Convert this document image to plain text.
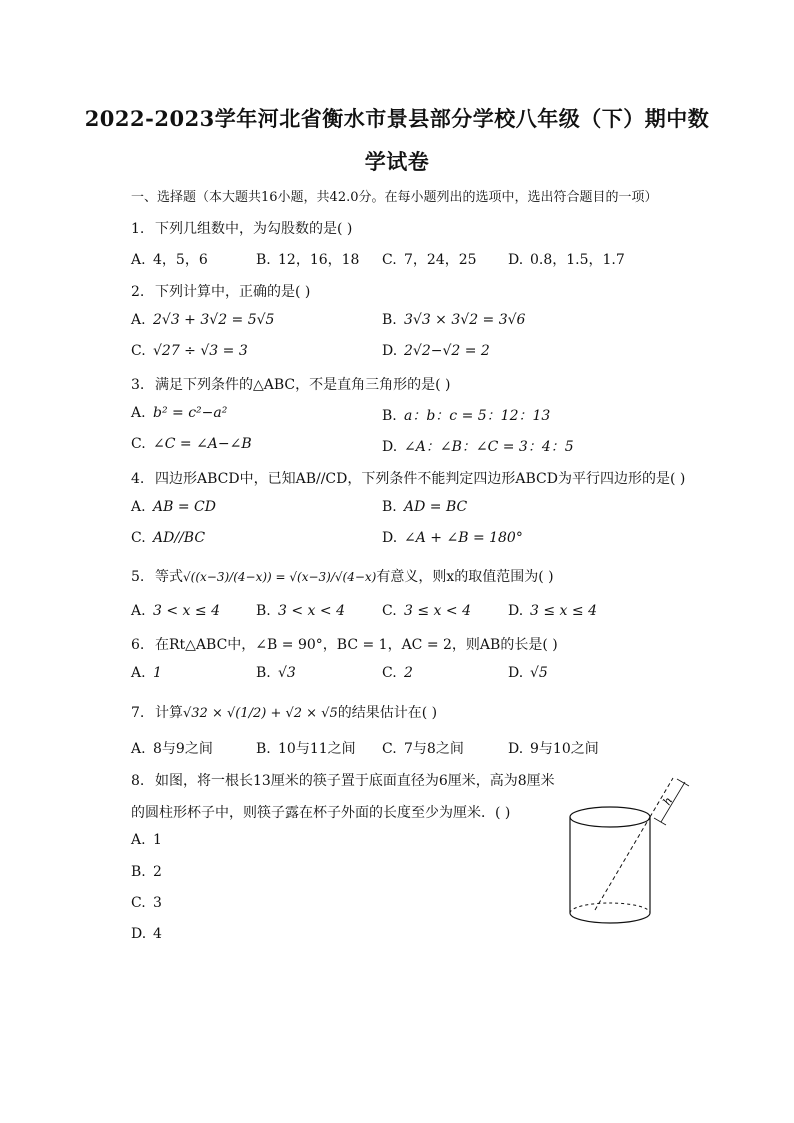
2022-2023学年河北省衡水市景县部分学校八年级（下）期中数
学试卷
一、选择题（本大题共16小题，共42.0分。在每小题列出的选项中，选出符合题目的一项）
1. 下列几组数中，为勾股数的是( )
A. 4，5，6	B. 12，16，18 C. 7，24，25 D. 0.8，1.5，1.7
2. 下列计算中，正确的是( )
A. 2√3 + 3√2 = 5√5	B. 3√3 × 3√2 = 3√6
C. √27 ÷ √3 = 3	D. 2√2−√2 = 2
3. 满足下列条件的△ABC，不是直角三角形的是( )
A. b² = c²−a²	B. a：b：c = 5：12：13
C. ∠C = ∠A−∠B	D. ∠A：∠B：∠C = 3：4：5
4. 四边形ABCD中，已知AB//CD，下列条件不能判定四边形ABCD为平行四边形的是( )
A. AB = CD	B. AD = BC
C. AD//BC	D. ∠A + ∠B = 180°
5. 等式√((x−3)/(4−x)) = √(x−3)/√(4−x)有意义，则x的取值范围为( )
A. 3 < x ≤ 4	B. 3 < x < 4	C. 3 ≤ x < 4	D. 3 ≤ x ≤ 4
6. 在Rt△ABC中，∠B = 90°，BC = 1，AC = 2，则AB的长是( )
A. 1	B. √3	C. 2	D. √5
7. 计算√32 × √(1/2) + √2 × √5的结果估计在( )
A. 8与9之间	B. 10与11之间 C. 7与8之间	D. 9与10之间
8. 如图，将一根长13厘米的筷子置于底面直径为6厘米，高为8厘米
的圆柱形杯子中，则筷子露在杯子外面的长度至少为厘米．( )
A. 1
B. 2
C. 3
D. 4
h
